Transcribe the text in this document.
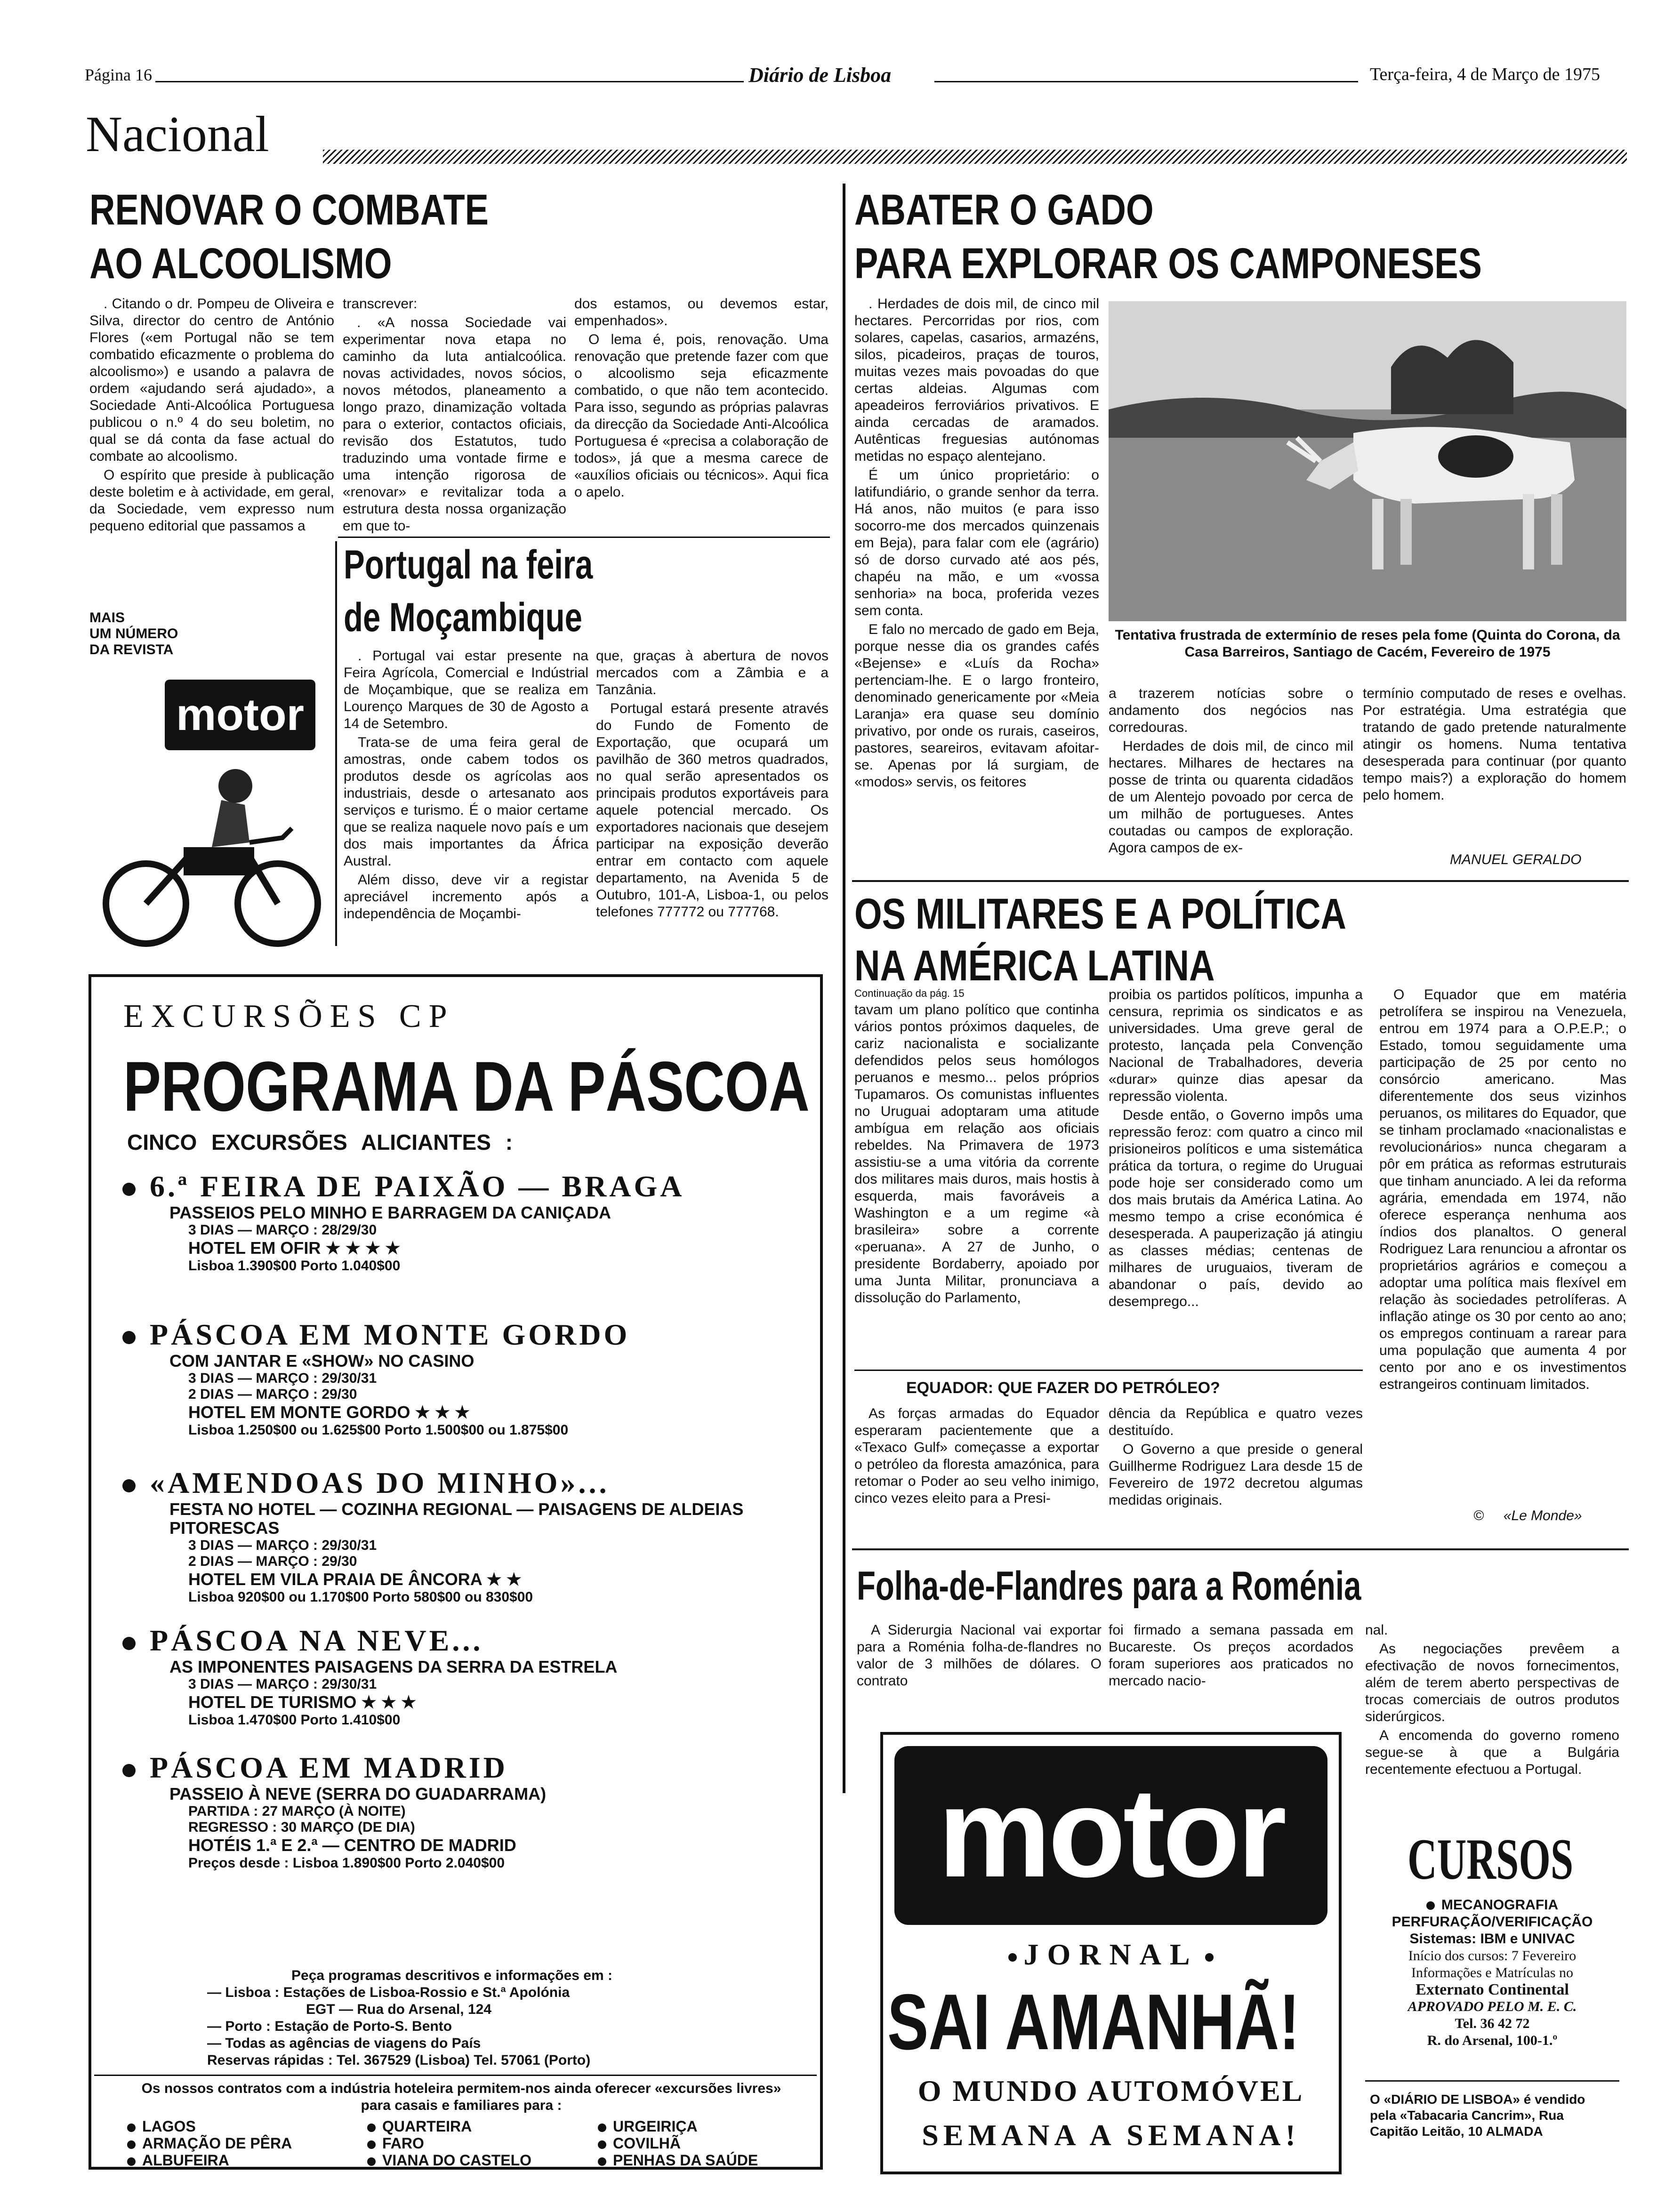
Página 16	Diário de Lisboa	Terça-feira, 4 de Março de 1975
Nacional
RENOVAR O COMBATE
AO ALCOOLISMO

. Citando o dr. Pompeu de Oliveira e Silva, director do centro de António Flores («em Portugal não se tem combatido eficazmente o problema do alcoolismo») e usando a palavra de ordem «ajudando será ajudado», a Sociedade Anti-Alcoólica Portuguesa publicou o n.º 4 do seu boletim, no qual se dá conta da fase actual do combate ao alcoolismo.

O espírito que preside à publicação deste boletim e à actividade, em geral, da Sociedade, vem expresso num pequeno editorial que passamos a

transcrever:

. «A nossa Sociedade vai experimentar nova etapa no caminho da luta antialcoólica. novas actividades, novos sócios, novos métodos, planeamento a longo prazo, dinamização voltada para o exterior, contactos oficiais, revisão dos Estatutos, tudo traduzindo uma vontade firme e uma intenção rigorosa de «renovar» e revitalizar toda a estrutura desta nossa organização em que to-

dos estamos, ou devemos estar, empenhados».

O lema é, pois, renovação. Uma renovação que pretende fazer com que o alcoolismo seja eficazmente combatido, o que não tem acontecido. Para isso, segundo as próprias palavras da direcção da Sociedade Anti-Alcoólica Portuguesa é «precisa a colaboração de todos», já que a mesma carece de «auxílios oficiais ou técnicos». Aqui fica o apelo.

MAIS
UM NÚMERO
DA REVISTA
motor
Portugal na feira
de Moçambique

. Portugal vai estar presente na Feira Agrícola, Comercial e Indústrial de Moçambique, que se realiza em Lourenço Marques de 30 de Agosto a 14 de Setembro.

Trata-se de uma feira geral de amostras, onde cabem todos os produtos desde os agrícolas aos industriais, desde o artesanato aos serviços e turismo. É o maior certame que se realiza naquele novo país e um dos mais importantes da África Austral.

Além disso, deve vir a registar apreciável incremento após a independência de Moçambi-

que, graças à abertura de novos mercados com a Zâmbia e a Tanzânia.

Portugal estará presente através do Fundo de Fomento de Exportação, que ocupará um pavilhão de 360 metros quadrados, no qual serão apresentados os principais produtos exportáveis para aquele potencial mercado. Os exportadores nacionais que desejem participar na exposição deverão entrar em contacto com aquele departamento, na Avenida 5 de Outubro, 101-A, Lisboa-1, ou pelos telefones 777772 ou 777768.

ABATER O GADO
PARA EXPLORAR OS CAMPONESES

. Herdades de dois mil, de cinco mil hectares. Percorridas por rios, com solares, capelas, casarios, armazéns, silos, picadeiros, praças de touros, muitas vezes mais povoadas do que certas aldeias. Algumas com apeadeiros ferroviários privativos. E ainda cercadas de aramados. Autênticas freguesias autónomas metidas no espaço alentejano.

É um único proprietário: o latifundiário, o grande senhor da terra. Há anos, não muitos (e para isso socorro-me dos mercados quinzenais em Beja), para falar com ele (agrário) só de dorso curvado até aos pés, chapéu na mão, e um «vossa senhoria» na boca, proferida vezes sem conta.

E falo no mercado de gado em Beja, porque nesse dia os grandes cafés «Bejense» e «Luís da Rocha» pertenciam-lhe. E o largo fronteiro, denominado genericamente por «Meia Laranja» era quase seu domínio privativo, por onde os rurais, caseiros, pastores, seareiros, evitavam afoitar-se. Apenas por lá surgiam, de «modos» servis, os feitores

Tentativa frustrada de extermínio de reses pela fome (Quinta do Corona, da Casa Barreiros, Santiago de Cacém, Fevereiro de 1975

a trazerem notícias sobre o andamento dos negócios nas corredouras.

Herdades de dois mil, de cinco mil hectares. Milhares de hectares na posse de trinta ou quarenta cidadãos de um Alentejo povoado por cerca de um milhão de portugueses. Antes coutadas ou campos de exploração. Agora campos de ex-

termínio computado de reses e ovelhas. Por estratégia. Uma estratégia que tratando de gado pretende naturalmente atingir os homens. Numa tentativa desesperada para continuar (por quanto tempo mais?) a exploração do homem pelo homem.

MANUEL GERALDO
OS MILITARES E A POLÍTICA
NA AMÉRICA LATINA
Continuação da pág. 15

tavam um plano político que continha vários pontos próximos daqueles, de cariz nacionalista e socializante defendidos pelos seus homólogos peruanos e mesmo... pelos próprios Tupamaros. Os comunistas influentes no Uruguai adoptaram uma atitude ambígua em relação aos oficiais rebeldes. Na Primavera de 1973 assistiu-se a uma vitória da corrente dos militares mais duros, mais hostis à esquerda, mais favoráveis a Washington e a um regime «à brasileira» sobre a corrente «peruana». A 27 de Junho, o presidente Bordaberry, apoiado por uma Junta Militar, pronunciava a dissolução do Parlamento,

proibia os partidos políticos, impunha a censura, reprimia os sindicatos e as universidades. Uma greve geral de protesto, lançada pela Convenção Nacional de Trabalhadores, deveria «durar» quinze dias apesar da repressão violenta.

Desde então, o Governo impôs uma repressão feroz: com quatro a cinco mil prisioneiros políticos e uma sistemática prática da tortura, o regime do Uruguai pode hoje ser considerado como um dos mais brutais da América Latina. Ao mesmo tempo a crise económica é desesperada. A pauperização já atingiu as classes médias; centenas de milhares de uruguaios, tiveram de abandonar o país, devido ao desemprego...

O Equador que em matéria petrolífera se inspirou na Venezuela, entrou em 1974 para a O.P.E.P.; o Estado, tomou seguidamente uma participação de 25 por cento no consórcio americano. Mas diferentemente dos seus vizinhos peruanos, os militares do Equador, que se tinham proclamado «nacionalistas e revolucionários» nunca chegaram a pôr em prática as reformas estruturais que tinham anunciado. A lei da reforma agrária, emendada em 1974, não oferece esperança nenhuma aos índios dos planaltos. O general Rodriguez Lara renunciou a afrontar os proprietários agrários e começou a adoptar uma política mais flexível em relação às sociedades petrolíferas. A inflação atinge os 30 por cento ao ano; os empregos continuam a rarear para uma população que aumenta 4 por cento por ano e os investimentos estrangeiros continuam limitados.

EQUADOR: QUE FAZER DO PETRÓLEO?

As forças armadas do Equador esperaram pacientemente que a «Texaco Gulf» começasse a exportar o petróleo da floresta amazónica, para retomar o Poder ao seu velho inimigo, cinco vezes eleito para a Presi-

dência da República e quatro vezes destituído.

O Governo a que preside o general Guillherme Rodriguez Lara desde 15 de Fevereiro de 1972 decretou algumas medidas originais.

©     «Le Monde»
Folha-de-Flandres para a Roménia

A Siderurgia Nacional vai exportar para a Roménia folha-de-flandres no valor de 3 milhões de dólares. O contrato

foi firmado a semana passada em Bucareste. Os preços acordados foram superiores aos praticados no mercado nacio-

nal.

As negociações prevêem a efectivação de novos fornecimentos, além de terem aberto perspectivas de trocas comerciais de outros produtos siderúrgicos.

A encomenda do governo romeno segue-se à que a Bulgária recentemente efectuou a Portugal.

motor
JORNAL
SAI AMANHÃ!
O MUNDO AUTOMÓVEL
SEMANA A SEMANA!
CURSOS
MECANOGRAFIA
PERFURAÇÃO/VERIFICAÇÃO
Sistemas: IBM e UNIVAC
Início dos cursos: 7 Fevereiro
Informações e Matrículas no
Externato Continental
APROVADO PELO M. E. C.
Tel. 36 42 72
R. do Arsenal, 100-1.º
O «DIÁRIO DE LISBOA» é vendido pela «Tabacaria Cancrim», Rua Capitão Leitão, 10 ALMADA
EXCURSÕES CP
PROGRAMA DA PÁSCOA
CINCO EXCURSÕES ALICIANTES :
6.ª FEIRA DE PAIXÃO — BRAGA
PASSEIOS PELO MINHO E BARRAGEM DA CANIÇADA
3 DIAS — MARÇO : 28/29/30
HOTEL EM OFIR ★ ★ ★ ★
Lisboa 1.390$00 Porto 1.040$00
PÁSCOA EM MONTE GORDO
COM JANTAR E «SHOW» NO CASINO
3 DIAS — MARÇO : 29/30/31
2 DIAS — MARÇO : 29/30
HOTEL EM MONTE GORDO ★ ★ ★
Lisboa 1.250$00 ou 1.625$00 Porto 1.500$00 ou 1.875$00
«AMENDOAS DO MINHO»...
FESTA NO HOTEL — COZINHA REGIONAL — PAISAGENS DE ALDEIAS PITORESCAS
3 DIAS — MARÇO : 29/30/31
2 DIAS — MARÇO : 29/30
HOTEL EM VILA PRAIA DE ÂNCORA ★ ★
Lisboa 920$00 ou 1.170$00 Porto 580$00 ou 830$00
PÁSCOA NA NEVE...
AS IMPONENTES PAISAGENS DA SERRA DA ESTRELA
3 DIAS — MARÇO : 29/30/31
HOTEL DE TURISMO ★ ★ ★
Lisboa 1.470$00 Porto 1.410$00
PÁSCOA EM MADRID
PASSEIO À NEVE (SERRA DO GUADARRAMA)
PARTIDA : 27 MARÇO (À NOITE)
REGRESSO : 30 MARÇO (DE DIA)
HOTÉIS 1.ª E 2.ª — CENTRO DE MADRID
Preços desde : Lisboa 1.890$00 Porto 2.040$00
Peça programas descritivos e informações em :
— Lisboa : Estações de Lisboa-Rossio e St.ª Apolónia
EGT — Rua do Arsenal, 124
— Porto : Estação de Porto-S. Bento
— Todas as agências de viagens do País
Reservas rápidas : Tel. 367529 (Lisboa) Tel. 57061 (Porto)
Os nossos contratos com a indústria hoteleira permitem-nos ainda oferecer «excursões livres» para casais e familiares para :
LAGOS
ARMAÇÃO DE PÊRA
ALBUFEIRA
QUARTEIRA
FARO
VIANA DO CASTELO
URGEIRIÇA
COVILHÃ
PENHAS DA SAÚDE
